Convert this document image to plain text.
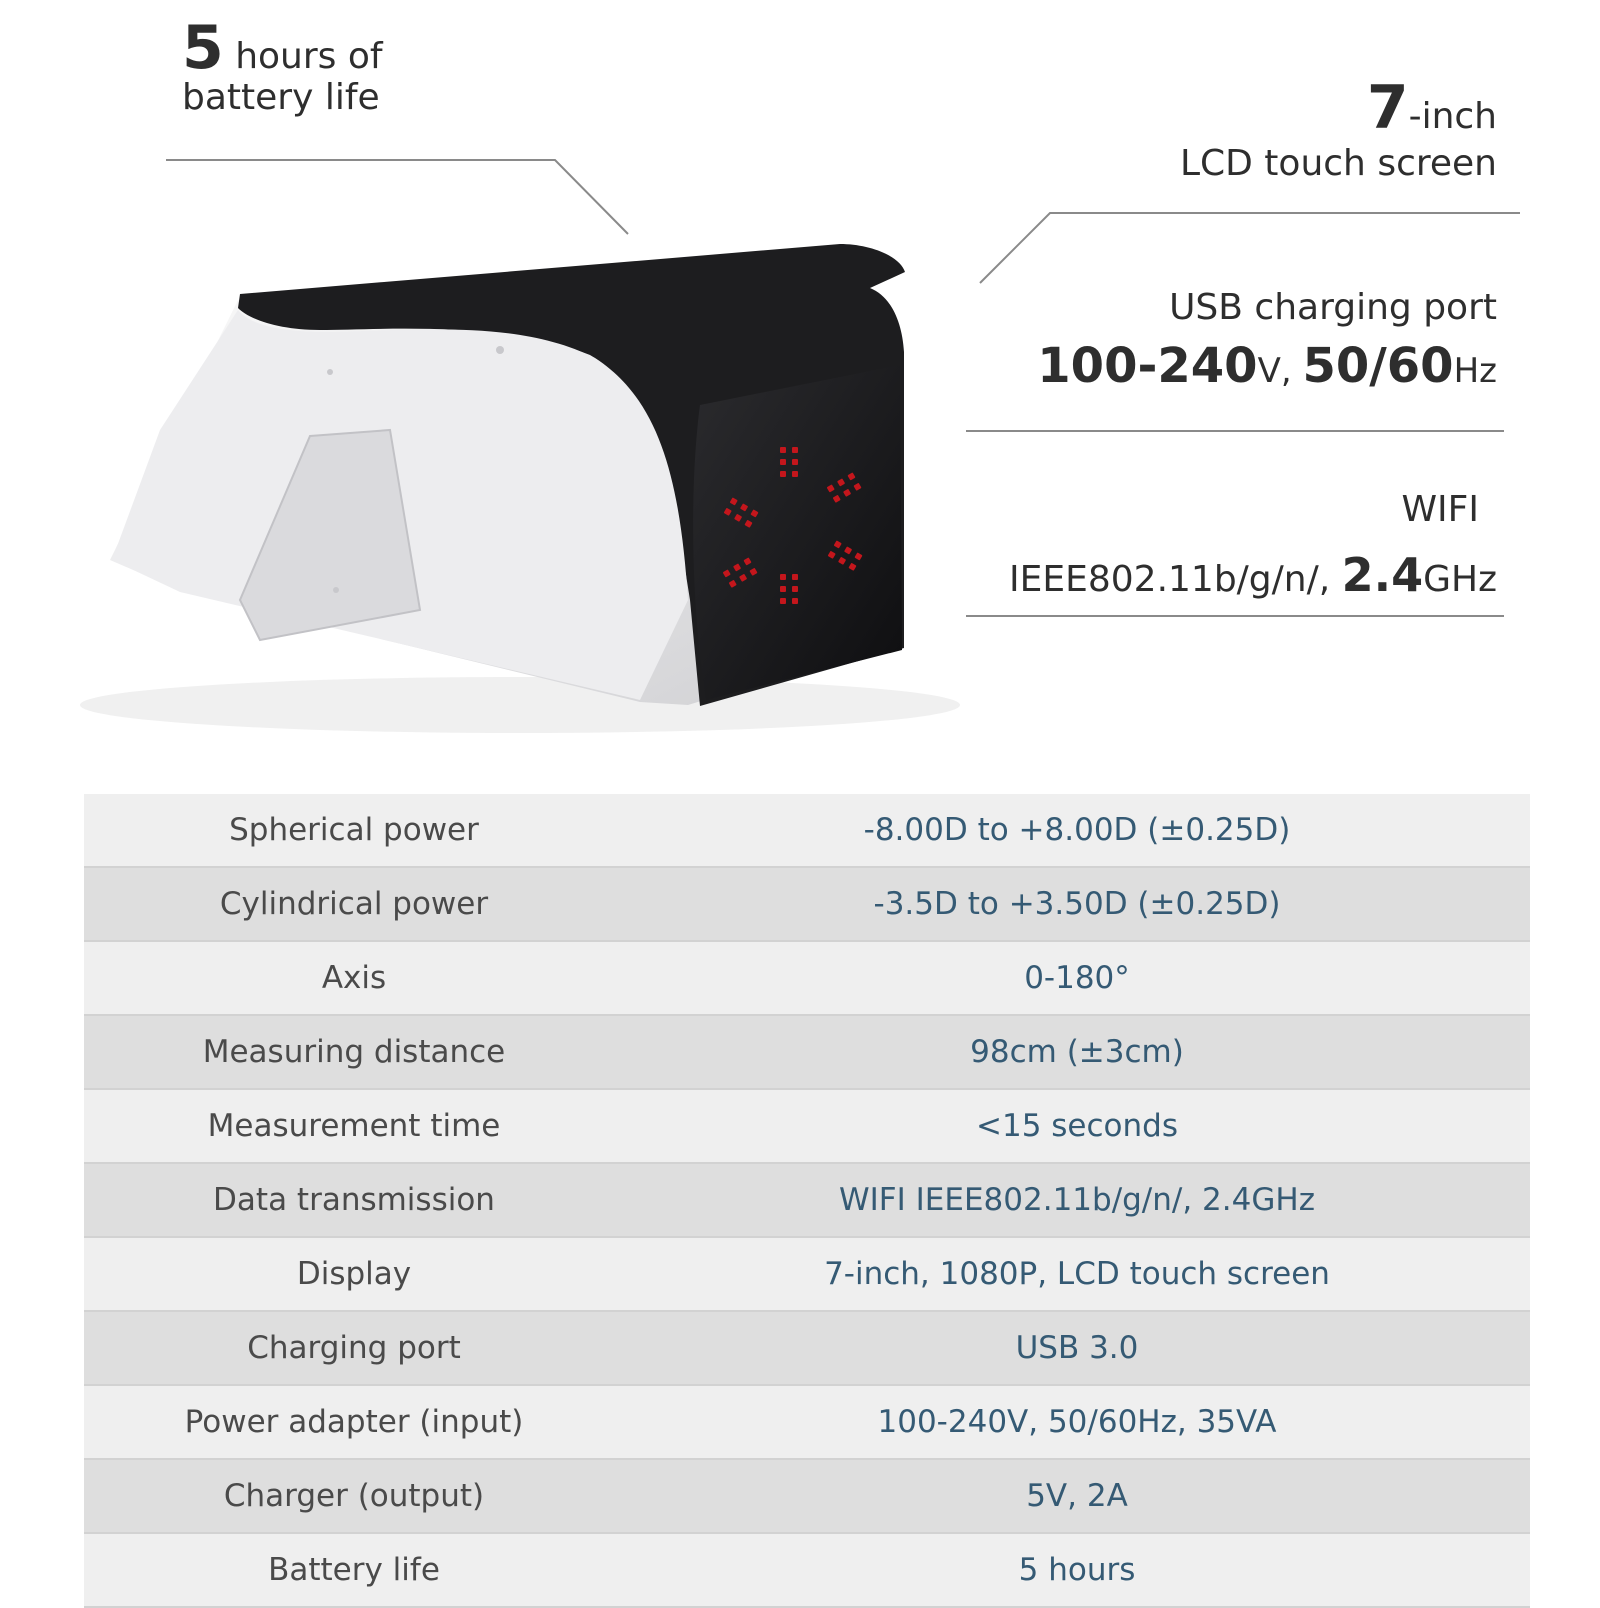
5 hours of
battery life	7-inch
LCD touch screen
USB charging port
100-240V, 50/60Hz
WIFI
IEEE802.11b/g/n/, 2.4GHz
Spherical power	-8.00D to +8.00D (±0.25D)
Cylindrical power	-3.5D to +3.50D (±0.25D)
Axis	0-180°
Measuring distance	98cm (±3cm)
Measurement time	<15 seconds
Data transmission	WIFI IEEE802.11b/g/n/, 2.4GHz
Display	7-inch, 1080P, LCD touch screen
Charging port	USB 3.0
Power adapter (input)	100-240V, 50/60Hz, 35VA
Charger (output)	5V, 2A
Battery life	5 hours
